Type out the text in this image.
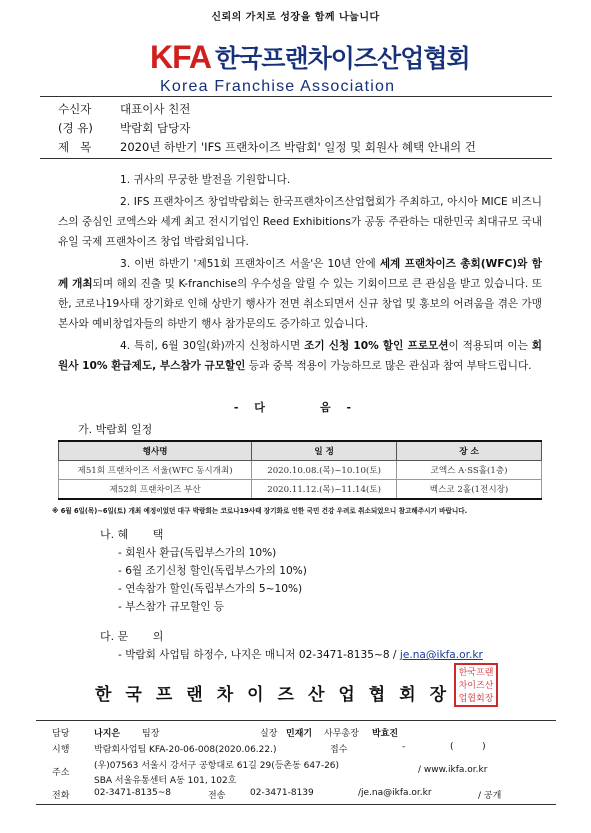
신뢰의 가치로 성장을 함께 나눕니다
KFA 한국프랜차이즈산업협회
Korea Franchise Association
수신자 대표이사 친전
(경 유) 박람회 담당자
제   목	2020년 하반기 'IFS 프랜차이즈 박람회' 일정 및 회원사 혜택 안내의 건
1. 귀사의 무궁한 발전을 기원합니다.
2. IFS 프랜차이즈 창업박람회는 한국프랜차이즈산업협회가 주최하고, 아시아 MICE 비즈니스의 중심인 코엑스와 세계 최고 전시기업인 Reed Exhibitions가 공동 주관하는 대한민국 최대규모 국내 유일 국제 프랜차이즈 창업 박람회입니다.
3. 이번 하반기 '제51회 프랜차이즈 서울'은 10년 안에 세계 프랜차이즈 총회(WFC)와 함께 개최되며 해외 진출 및 K-franchise의 우수성을 알릴 수 있는 기회이므로 큰 관심을 받고 있습니다. 또한, 코로나19사태 장기화로 인해 상반기 행사가 전면 취소되면서 신규 창업 및 홍보의 어려움을 겪은 가맹본사와 예비창업자들의 하반기 행사 참가문의도 증가하고 있습니다.
4. 특히, 6월 30일(화)까지 신청하시면 조기 신청 10% 할인 프로모션이 적용되며 이는 회원사 10% 환급제도, 부스참가 규모할인 등과 중복 적용이 가능하므로 많은 관심과 참여 부탁드립니다.
- 다     음 -
가. 박람회 일정
행사명	일 정	장 소
제51회 프랜차이즈 서울(WFC 동시개최)	2020.10.08.(목)~10.10(토)	코엑스 A·SS홀(1층)
제52회 프랜차이즈 부산	2020.11.12.(목)~11.14(토)	벡스코 2홀(1전시장)
※ 6월 6일(목)~6일(토) 개최 예정이었던 대구 박람회는 코로나19사태 장기화로 인한 국민 건강 우려로 취소되었으니 참고해주시기 바랍니다.
나. 혜       택
- 회원사 환급(독립부스가의 10%)
- 6월 조기신청 할인(독립부스가의 10%)
- 연속참가 할인(독립부스가의 5~10%)
- 부스참가 규모할인 등
다. 문       의
- 박람회 사업팀 하정수, 나지은 매니저 02-3471-8135~8 / je.na@ikfa.or.kr
한국프랜차이즈산업협회장
한국프랜차이즈산업협회장
담당	나지은 팀장	실장 민재기 사무총장 박효진
시행	박람회사업팀 KFA-20-06-008(2020.06.22.)	접수	-	(          )
주소
(우)07563 서울시 강서구 공항대로 61길 29(등촌동 647-26)	/ www.ikfa.or.kr
SBA 서울유통센터 A동 101, 102호
전화	02-3471-8135~8	전송	02-3471-8139	/je.na@ikfa.or.kr	/ 공개
